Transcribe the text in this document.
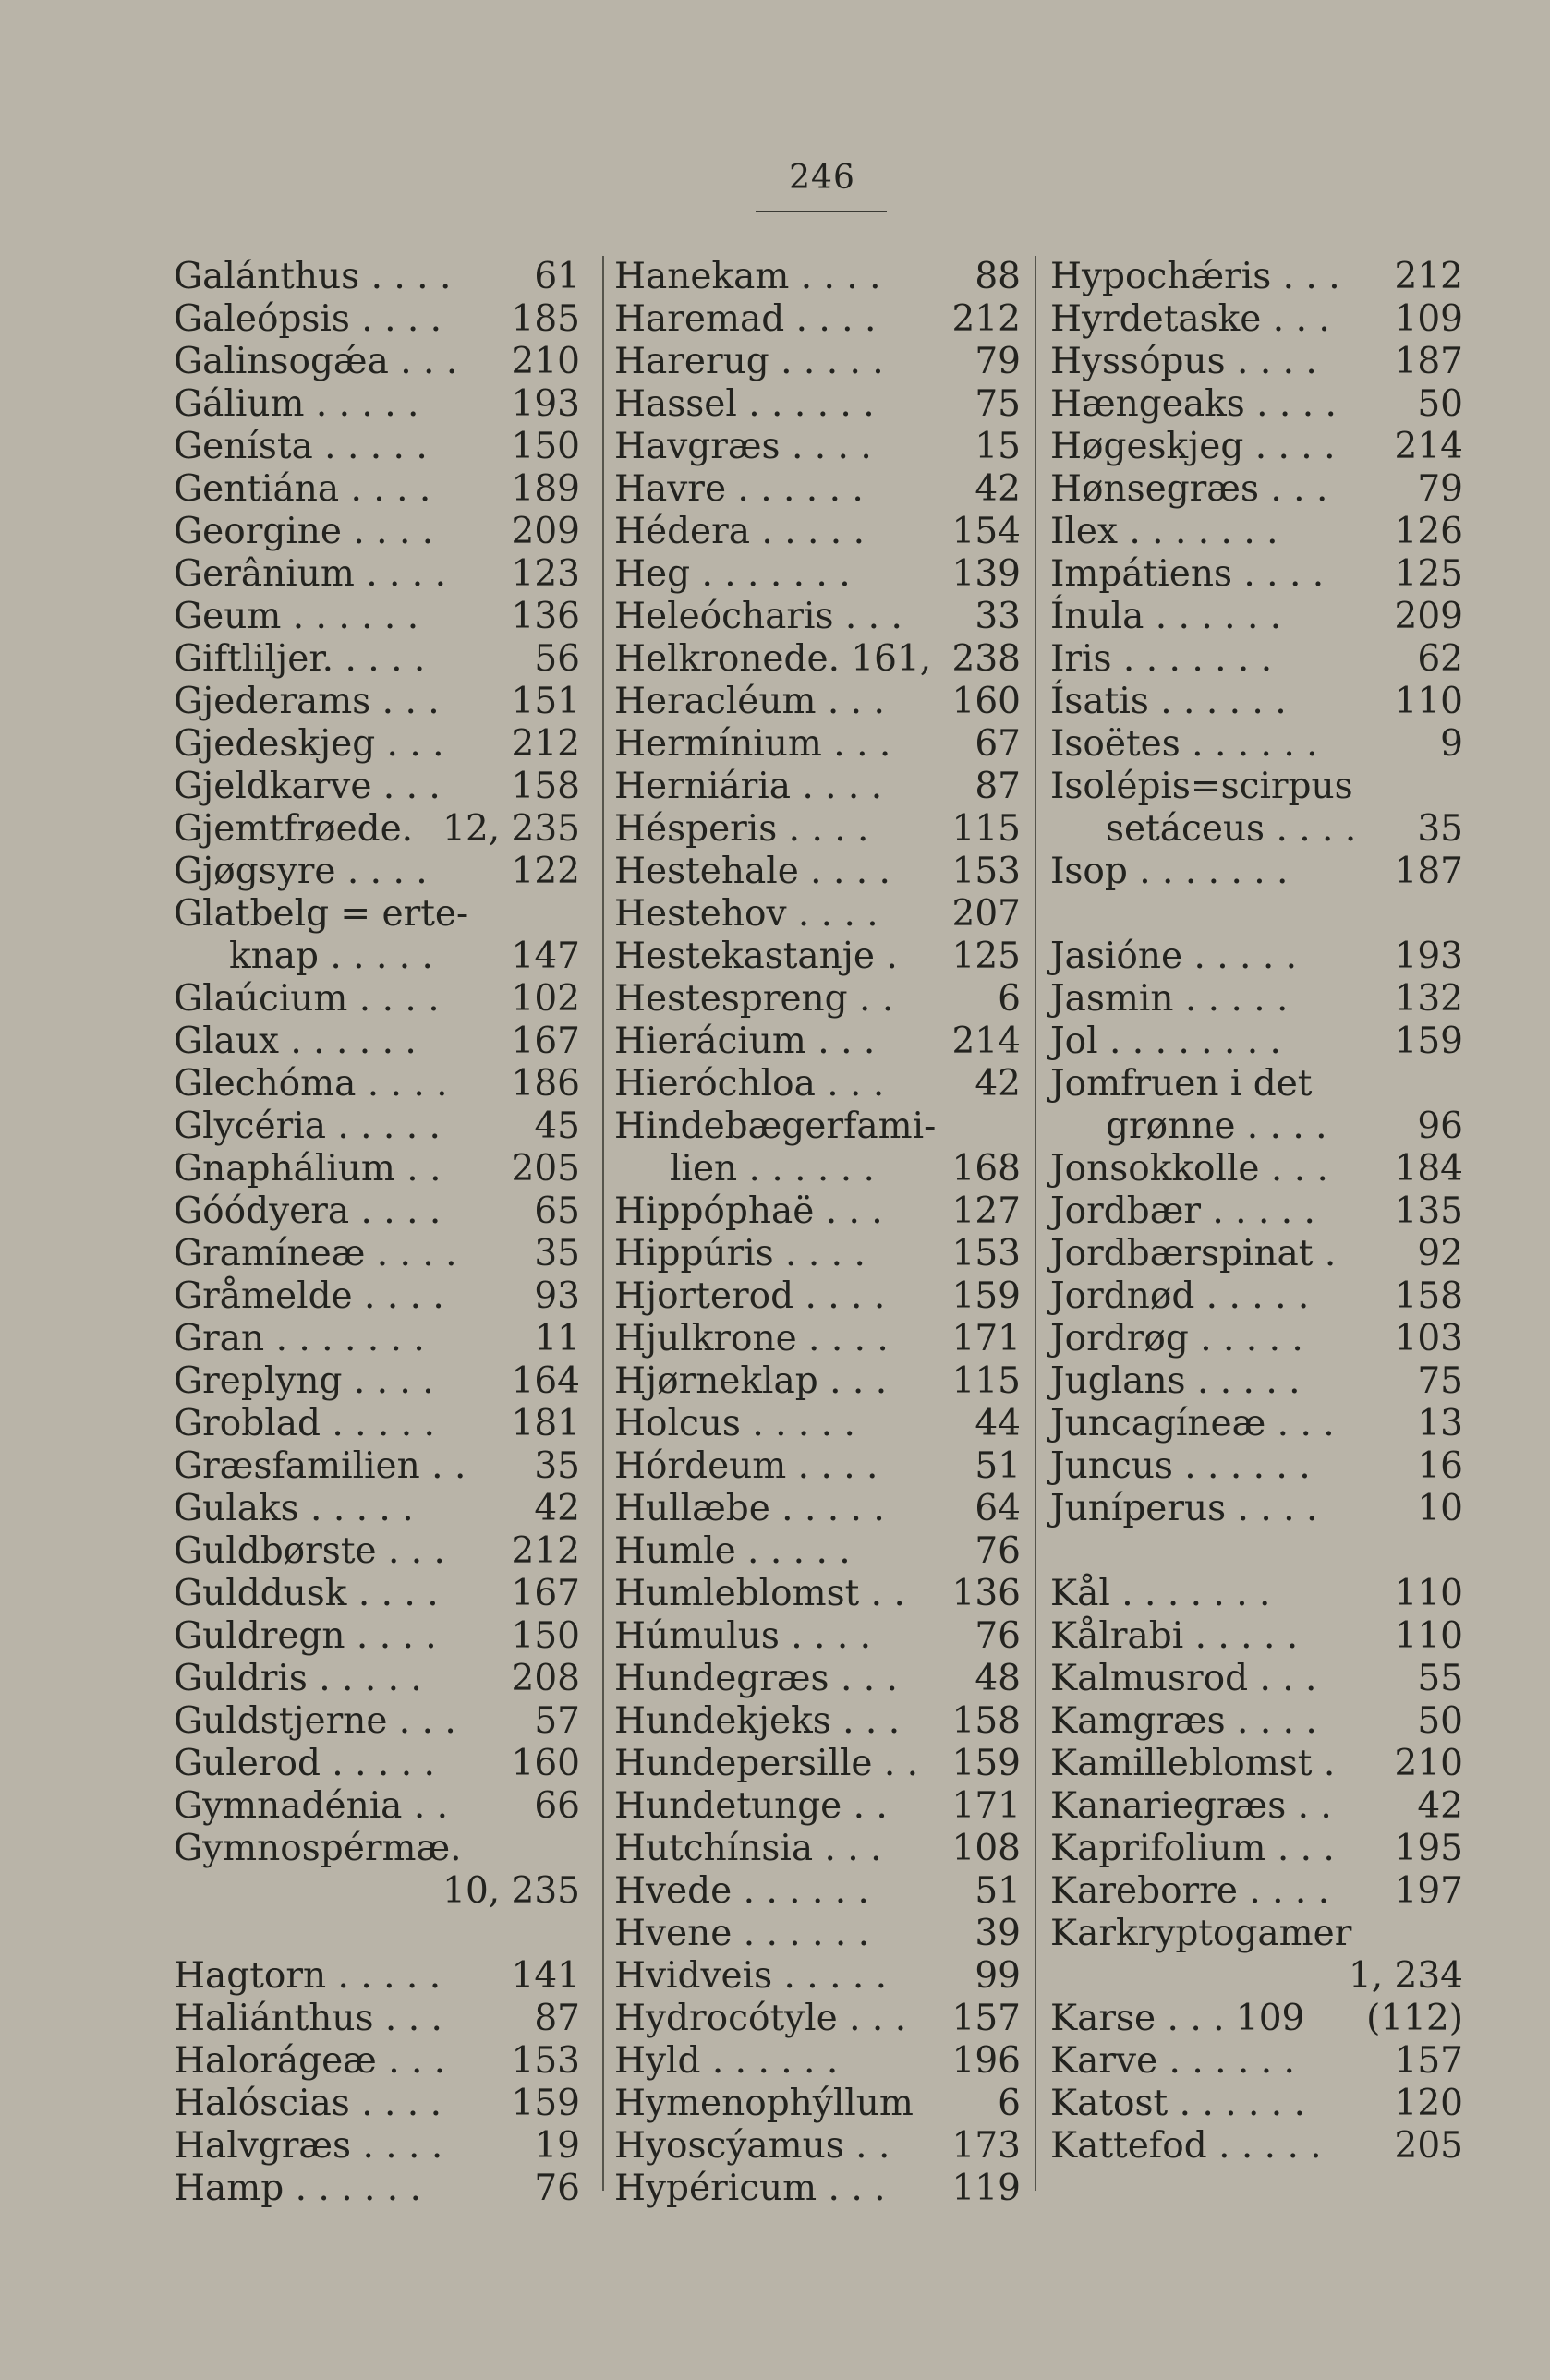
246
Galánthus . . . . 61
Galeópsis . . . . 185
Galinsogǽa . . . 210
Gálium . . . . .	193
Genísta . . . . . 150
Gentiána . . . . 189
Georgine . . . . 209
Gerânium . . . . 123
Geum . . . . . .	136
Giftliljer. . . . .	56
Gjederams . . . 151
Gjedeskjeg . . . 212
Gjeldkarve . . . 158
Gjemtfrøede. 12, 235
Gjøgsyre . . . . 122
Glatbelg = erte-
knap . . . . . 147
Glaúcium . . . . 102
Glaux . . . . . .	167
Glechóma . . . . 186
Glycéria . . . . .	45
Gnaphálium . . 205
Góódyera . . . .	65
Gramíneæ . . . . 35
Gråmelde . . . .	93
Gran . . . . . . .	11
Greplyng . . . . 164
Groblad . . . . . 181
Græsfamilien . . 35
Gulaks . . . . .	42
Guldbørste . . . 212
Gulddusk . . . . 167
Guldregn . . . . 150
Guldris . . . . . 208
Guldstjerne . . . 57
Gulerod . . . . . 160
Gymnadénia . . 66
Gymnospérmæ.
10, 235
Hagtorn . . . . . 141
Haliánthus . . .	87
Halorágeæ . . . 153
Halóscias . . . . 159
Halvgræs . . . .	19
Hamp . . . . . .	76
Hanekam . . . .	88
Haremad . . . . 212
Harerug . . . . .	79
Hassel . . . . . .	75
Havgræs . . . .	15
Havre . . . . . .	42
Hédera . . . . . 154
Heg . . . . . . .	139
Heleócharis . . . 33
Helkronede. 161, 238
Heracléum . . . 160
Hermínium . . . 67
Herniária . . . .	87
Hésperis . . . . 115
Hestehale . . . . 153
Hestehov . . . . 207
Hestekastanje . 125
Hestespreng . .	6
Hierácium . . . 214
Hieróchloa . . .	42
Hindebægerfami-
lien . . . . . . 168
Hippóphaë . . . 127
Hippúris . . . . 153
Hjorterod . . . . 159
Hjulkrone . . . . 171
Hjørneklap . . . 115
Holcus . . . . .	44
Hórdeum . . . .	51
Hullæbe . . . . .	64
Humle . . . . .	76
Humleblomst . . 136
Húmulus . . . .	76
Hundegræs . . . 48
Hundekjeks . . . 158
Hundepersille . . 159
Hundetunge . . 171
Hutchínsia . . . 108
Hvede . . . . . .	51
Hvene . . . . . .	39
Hvidveis . . . . . 99
Hydrocótyle . . . 157
Hyld . . . . . .	196
Hymenophýllum 6
Hyoscýamus . . 173
Hypéricum . . . 119
Hypochǽris . . . 212
Hyrdetaske . . . 109
Hyssópus . . . . 187
Hængeaks . . . . 50
Høgeskjeg . . . . 214
Hønsegræs . . . 79
Ilex . . . . . . .	126
Impátiens . . . . 125
Ínula . . . . . .	209
Iris . . . . . . .	62
Ísatis . . . . . .	110
Isoëtes . . . . . .	9
Isolépis=scirpus
setáceus . . . . 35
Isop . . . . . . .	187
Jasióne . . . . .	193
Jasmin . . . . .	132
Jol . . . . . . . .	159
Jomfruen i det
grønne . . . .	96
Jonsokkolle . . . 184
Jordbær . . . . . 135
Jordbærspinat . 92
Jordnød . . . . . 158
Jordrøg . . . . .	103
Juglans . . . . .	75
Juncagíneæ . . . 13
Juncus . . . . . .	16
Juníperus . . . .	10
Kål . . . . . . .	110
Kålrabi . . . . .	110
Kalmusrod . . .	55
Kamgræs . . . .	50
Kamilleblomst . 210
Kanariegræs . . 42
Kaprifolium . . . 195
Kareborre . . . . 197
Karkryptogamer
1, 234
Karse . . . 109 (112)
Karve . . . . . .	157
Katost . . . . . . 120
Kattefod . . . . . 205
